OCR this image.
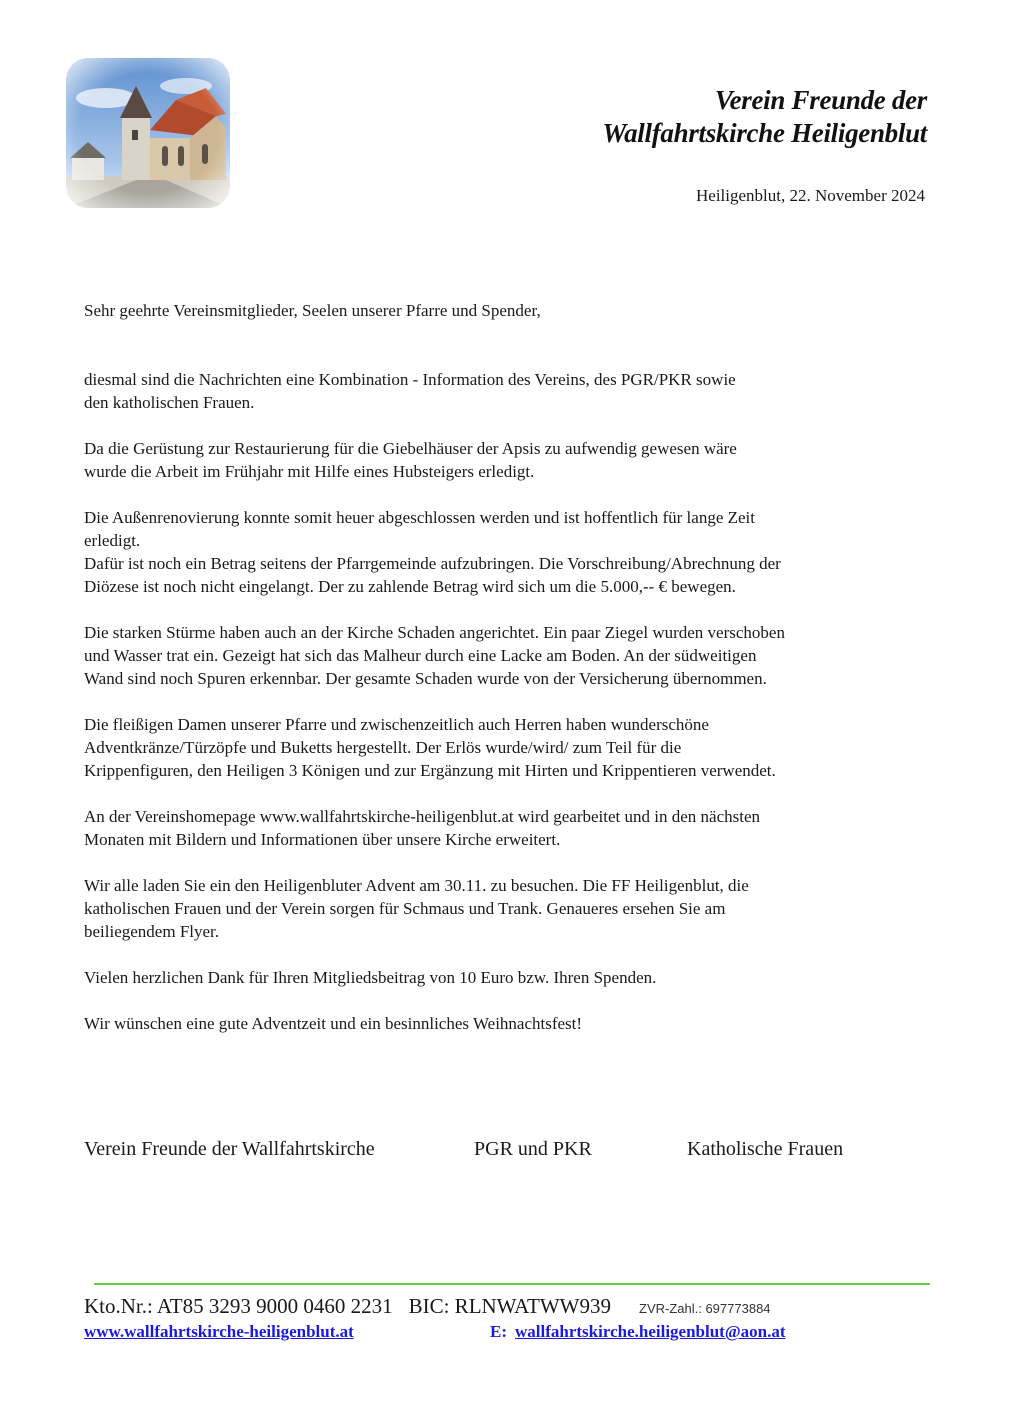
Verein Freunde der
Wallfahrtskirche Heiligenblut
Heiligenblut, 22. November 2024

Sehr geehrte Vereinsmitglieder, Seelen unserer Pfarre und Spender,

diesmal sind die Nachrichten eine Kombination - Information des Vereins, des PGR/PKR sowie
den katholischen Frauen.

Da die Gerüstung zur Restaurierung für die Giebelhäuser der Apsis zu aufwendig gewesen wäre
wurde die Arbeit im Frühjahr mit Hilfe eines Hubsteigers erledigt.

Die Außenrenovierung konnte somit heuer abgeschlossen werden und ist hoffentlich für lange Zeit
erledigt.
Dafür ist noch ein Betrag seitens der Pfarrgemeinde aufzubringen. Die Vorschreibung/Abrechnung der
Diözese ist noch nicht eingelangt. Der zu zahlende Betrag wird sich um die 5.000,-- € bewegen.

Die starken Stürme haben auch an der Kirche Schaden angerichtet. Ein paar Ziegel wurden verschoben
und Wasser trat ein. Gezeigt hat sich das Malheur durch eine Lacke am Boden. An der südweitigen
Wand sind noch Spuren erkennbar. Der gesamte Schaden wurde von der Versicherung übernommen.

Die fleißigen Damen unserer Pfarre und zwischenzeitlich auch Herren haben wunderschöne
Adventkränze/Türzöpfe und Buketts hergestellt. Der Erlös wurde/wird/ zum Teil für die
Krippenfiguren, den Heiligen 3 Königen und zur Ergänzung mit Hirten und Krippentieren verwendet.

An der Vereinshomepage www.wallfahrtskirche-heiligenblut.at wird gearbeitet und in den nächsten
Monaten mit Bildern und Informationen über unsere Kirche erweitert.

Wir alle laden Sie ein den Heiligenbluter Advent am 30.11. zu besuchen. Die FF Heiligenblut, die
katholischen Frauen und der Verein sorgen für Schmaus und Trank. Genaueres ersehen Sie am
beiliegendem Flyer.

Vielen herzlichen Dank für Ihren Mitgliedsbeitrag von 10 Euro bzw. Ihren Spenden.

Wir wünschen eine gute Adventzeit und ein besinnliches Weihnachtsfest!

Verein Freunde der Wallfahrtskirche	PGR und PKR	Katholische Frauen
Kto.Nr.: AT85 3293 9000 0460 2231 BIC: RLNWATWW939 ZVR-Zahl.: 697773884
www.wallfahrtskirche-heiligenblut.at	E: wallfahrtskirche.heiligenblut@aon.at
